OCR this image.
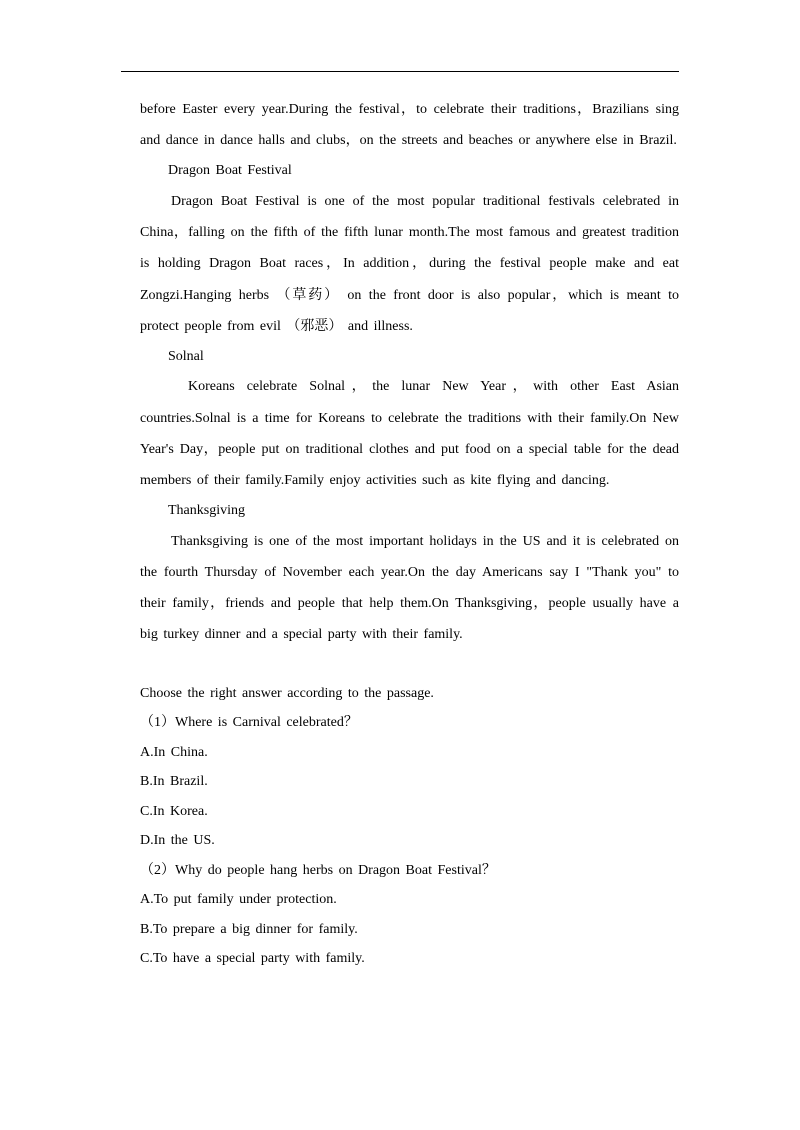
before Easter every year.During the festival，to celebrate their traditions，Brazilians sing and dance in dance halls and clubs，on the streets and beaches or anywhere else in Brazil.

Dragon Boat Festival

Dragon Boat Festival is one of the most popular traditional festivals celebrated in China，falling on the fifth of the fifth lunar month.The most famous and greatest tradition is holding Dragon Boat races，In addition，during the festival people make and eat Zongzi.Hanging herbs （草药） on the front door is also popular，which is meant to protect people from evil （邪恶） and illness.

Solnal

Koreans celebrate Solnal，the lunar New Year，with other East Asian countries.Solnal is a time for Koreans to celebrate the traditions with their family.On New Year's Day，people put on traditional clothes and put food on a special table for the dead members of their family.Family enjoy activities such as kite flying and dancing.

Thanksgiving

Thanksgiving is one of the most important holidays in the US and it is celebrated on the fourth Thursday of November each year.On the day Americans say I "Thank you" to their family，friends and people that help them.On Thanksgiving，people usually have a big turkey dinner and a special party with their family.

Choose the right answer according to the passage.

（1）Where is Carnival celebrated？

A.In China.

B.In Brazil.

C.In Korea.

D.In the US.

（2）Why do people hang herbs on Dragon Boat Festival？

A.To put family under protection.

B.To prepare a big dinner for family.

C.To have a special party with family.
